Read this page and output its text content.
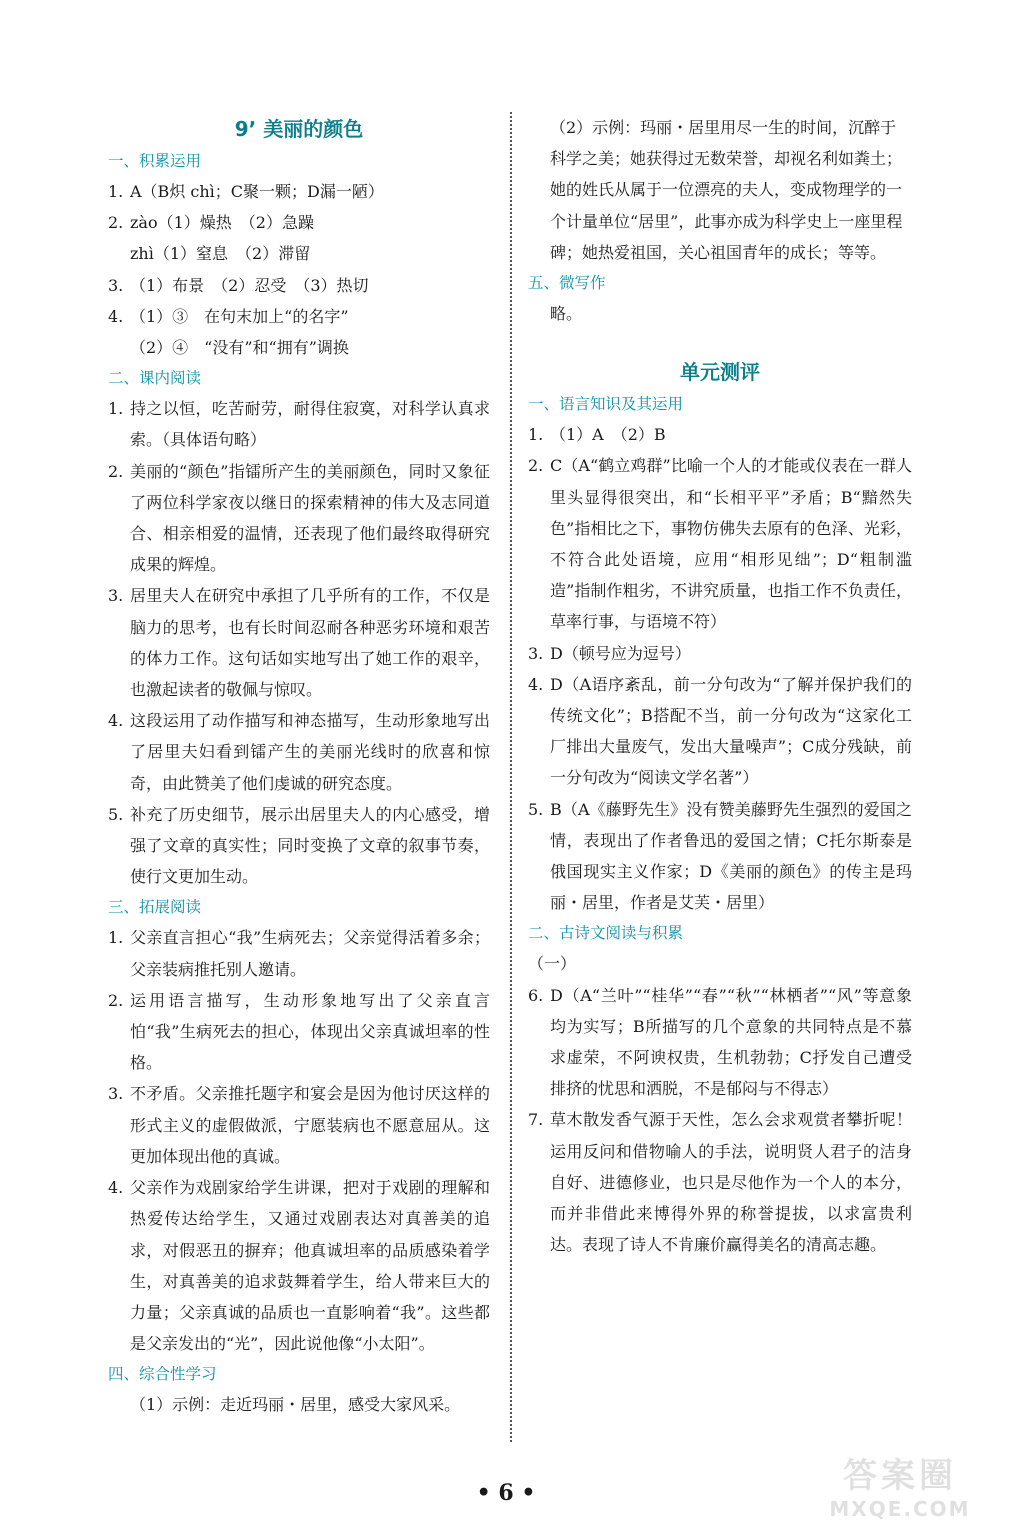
9ʼ 美丽的颜色
一、积累运用
1. A（B炽 chì；C聚一颗；D漏一陋）
2. zào（1）燥热　（2）急躁
zhì（1）窒息　（2）滞留
3. （1）布景　（2）忍受　（3）热切
4. （1）③　在句末加上“的名字”
（2）④　“没有”和“拥有”调换
二、课内阅读
1. 持之以恒，吃苦耐劳，耐得住寂寞，对科学认真求索。（具体语句略）
2. 美丽的“颜色”指镭所产生的美丽颜色，同时又象征了两位科学家夜以继日的探索精神的伟大及志同道合、相亲相爱的温情，还表现了他们最终取得研究成果的辉煌。
3. 居里夫人在研究中承担了几乎所有的工作，不仅是脑力的思考，也有长时间忍耐各种恶劣环境和艰苦的体力工作。这句话如实地写出了她工作的艰辛，也激起读者的敬佩与惊叹。
4. 这段运用了动作描写和神态描写，生动形象地写出了居里夫妇看到镭产生的美丽光线时的欣喜和惊奇，由此赞美了他们虔诚的研究态度。
5. 补充了历史细节，展示出居里夫人的内心感受，增强了文章的真实性；同时变换了文章的叙事节奏，使行文更加生动。
三、拓展阅读
1. 父亲直言担心“我”生病死去；父亲觉得活着多余；父亲装病推托别人邀请。
2. 运用语言描写，生动形象地写出了父亲直言怕“我”生病死去的担心，体现出父亲真诚坦率的性格。
3. 不矛盾。父亲推托题字和宴会是因为他讨厌这样的形式主义的虚假做派，宁愿装病也不愿意屈从。这更加体现出他的真诚。
4. 父亲作为戏剧家给学生讲课，把对于戏剧的理解和热爱传达给学生，又通过戏剧表达对真善美的追求，对假恶丑的摒弃；他真诚坦率的品质感染着学生，对真善美的追求鼓舞着学生，给人带来巨大的力量；父亲真诚的品质也一直影响着“我”。这些都是父亲发出的“光”，因此说他像“小太阳”。
四、综合性学习
（1）示例：走近玛丽・居里，感受大家风采。
（2）示例：玛丽・居里用尽一生的时间，沉醉于科学之美；她获得过无数荣誉，却视名利如粪土；她的姓氏从属于一位漂亮的夫人，变成物理学的一个计量单位“居里”，此事亦成为科学史上一座里程碑；她热爱祖国，关心祖国青年的成长；等等。
五、微写作
略。
单元测评
一、语言知识及其运用
1. （1）A　（2）B
2. C（A“鹤立鸡群”比喻一个人的才能或仪表在一群人里头显得很突出，和“长相平平”矛盾；B“黯然失色”指相比之下，事物仿佛失去原有的色泽、光彩，不符合此处语境，应用“相形见绌”；D“粗制滥造”指制作粗劣，不讲究质量，也指工作不负责任，草率行事，与语境不符）
3. D（顿号应为逗号）
4. D（A语序紊乱，前一分句改为“了解并保护我们的传统文化”；B搭配不当，前一分句改为“这家化工厂排出大量废气，发出大量噪声”；C成分残缺，前一分句改为“阅读文学名著”）
5. B（A《藤野先生》没有赞美藤野先生强烈的爱国之情，表现出了作者鲁迅的爱国之情；C托尔斯泰是俄国现实主义作家；D《美丽的颜色》的传主是玛丽・居里，作者是艾芙・居里）
二、古诗文阅读与积累
（一）
6. D（A“兰叶”“桂华”“春”“秋”“林栖者”“风”等意象均为实写；B所描写的几个意象的共同特点是不慕求虚荣，不阿谀权贵，生机勃勃；C抒发自己遭受排挤的忧思和洒脱，不是郁闷与不得志）
7. 草木散发香气源于天性，怎么会求观赏者攀折呢！运用反问和借物喻人的手法，说明贤人君子的洁身自好、进德修业，也只是尽他作为一个人的本分，而并非借此来博得外界的称誉提拔，以求富贵利达。表现了诗人不肯廉价赢得美名的清高志趣。
• 6 •	答案圈
MXQE.COM
